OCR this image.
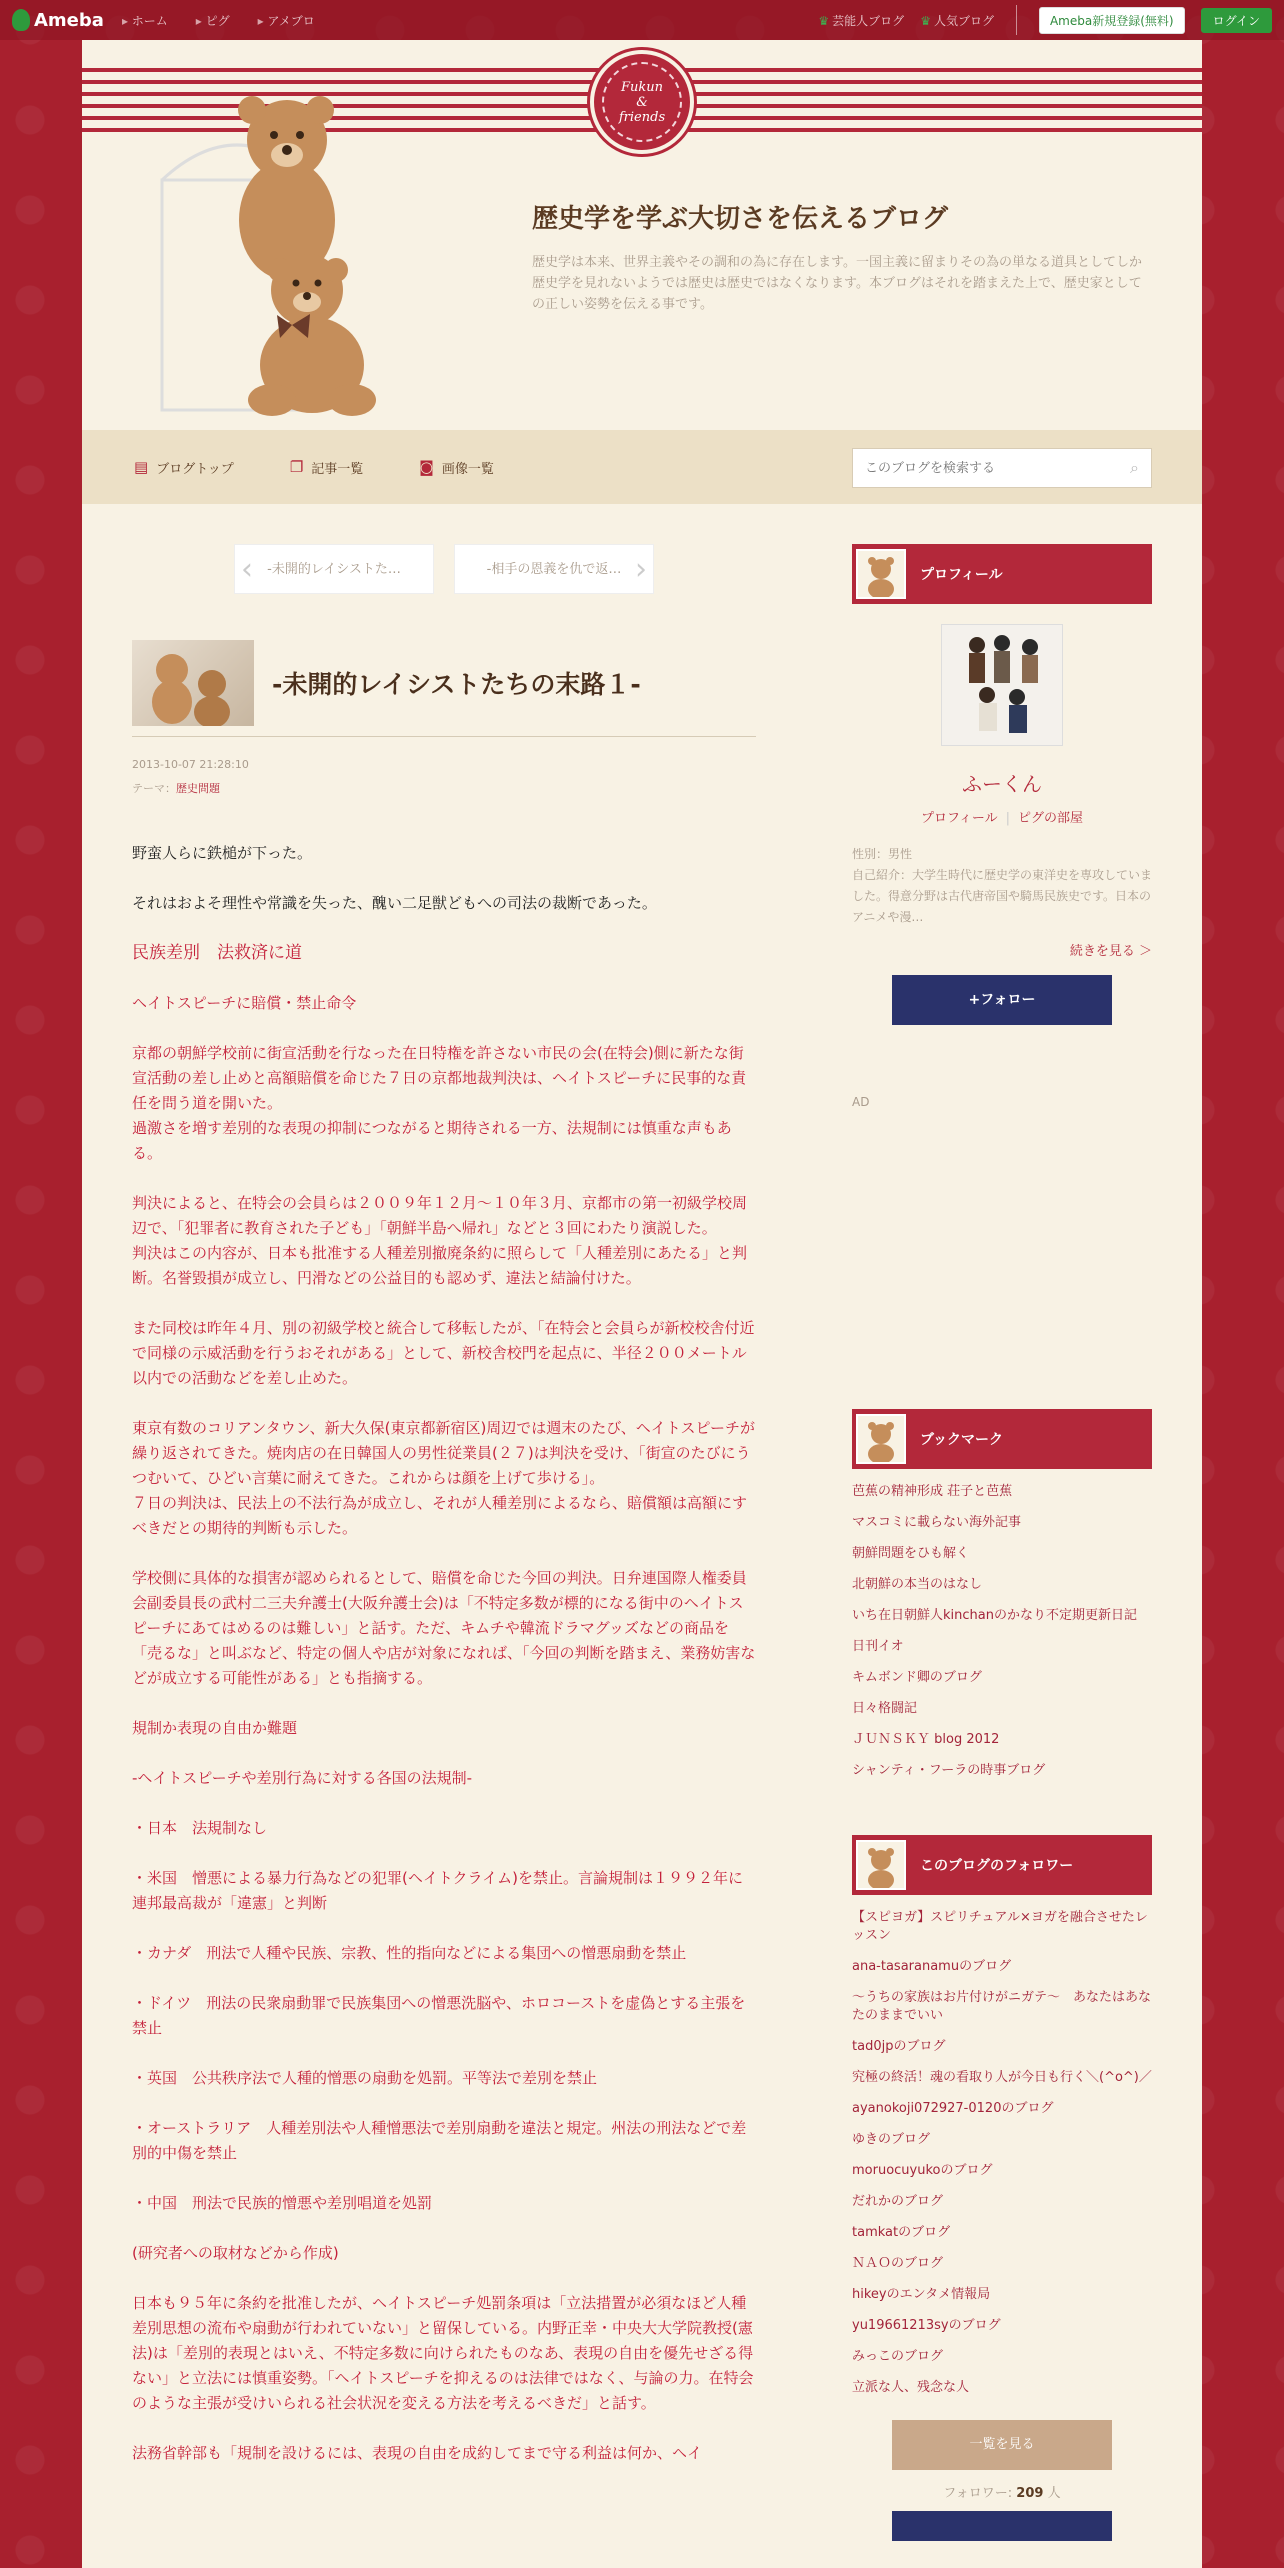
Ameba	▸ ホーム	▸ ピグ	▸ アメブロ	♛ 芸能人ブログ ♛ 人気ブログ	Ameba新規登録(無料)	ログイン
Fukun
&
friends
歴史学を学ぶ大切さを伝えるブログ
歴史学は本来、世界主義やその調和の為に存在します。一国主義に留まりその為の単なる道具としてしか歴史学を見れないようでは歴史は歴史ではなくなります。本ブログはそれを踏まえた上で、歴史家としての正しい姿勢を伝える事です。
▤ ブログトップ	❐ 記事一覧	◙ 画像一覧
このブログを検索する	⌕
‹ -未開的レイシストた…	-相手の恩義を仇で返… ›
-未開的レイシストたちの末路１-
2013-10-07 21:28:10
テーマ：歴史問題

野蛮人らに鉄槌が下った。

それはおよそ理性や常識を失った、醜い二足獣どもへの司法の裁断であった。

民族差別　法救済に道

ヘイトスピーチに賠償・禁止命令

京都の朝鮮学校前に街宣活動を行なった在日特権を許さない市民の会(在特会)側に新たな街宣活動の差し止めと高額賠償を命じた７日の京都地裁判決は、ヘイトスピーチに民事的な責任を問う道を開いた。
過激さを増す差別的な表現の抑制につながると期待される一方、法規制には慎重な声もある。

判決によると、在特会の会員らは２００９年１２月～１０年３月、京都市の第一初級学校周辺で、「犯罪者に教育された子ども」「朝鮮半島へ帰れ」などと３回にわたり演説した。
判決はこの内容が、日本も批准する人種差別撤廃条約に照らして「人種差別にあたる」と判断。名誉毀損が成立し、円滑などの公益目的も認めず、違法と結論付けた。

また同校は昨年４月、別の初級学校と統合して移転したが、「在特会と会員らが新校校舎付近で同様の示威活動を行うおそれがある」として、新校舎校門を起点に、半径２００メートル以内での活動などを差し止めた。

東京有数のコリアンタウン、新大久保(東京都新宿区)周辺では週末のたび、ヘイトスピーチが繰り返されてきた。焼肉店の在日韓国人の男性従業員(２７)は判決を受け、「街宣のたびにうつむいて、ひどい言葉に耐えてきた。これからは顔を上げて歩ける」。
７日の判決は、民法上の不法行為が成立し、それが人種差別によるなら、賠償額は高額にすべきだとの期待的判断も示した。

学校側に具体的な損害が認められるとして、賠償を命じた今回の判決。日弁連国際人権委員会副委員長の武村二三夫弁護士(大阪弁護士会)は「不特定多数が標的になる街中のヘイトスピーチにあてはめるのは難しい」と話す。ただ、キムチや韓流ドラマグッズなどの商品を「売るな」と叫ぶなど、特定の個人や店が対象になれば、「今回の判断を踏まえ、業務妨害などが成立する可能性がある」とも指摘する。

規制か表現の自由か難題

-ヘイトスピーチや差別行為に対する各国の法規制-

・日本　法規制なし

・米国　憎悪による暴力行為などの犯罪(ヘイトクライム)を禁止。言論規制は１９９２年に連邦最高裁が「違憲」と判断

・カナダ　刑法で人種や民族、宗教、性的指向などによる集団への憎悪扇動を禁止

・ドイツ　刑法の民衆扇動罪で民族集団への憎悪洗脳や、ホロコーストを虚偽とする主張を禁止

・英国　公共秩序法で人種的憎悪の扇動を処罰。平等法で差別を禁止

・オーストラリア　人種差別法や人種憎悪法で差別扇動を違法と規定。州法の刑法などで差別的中傷を禁止

・中国　刑法で民族的憎悪や差別唱道を処罰

(研究者への取材などから作成)

日本も９５年に条約を批准したが、ヘイトスピーチ処罰条項は「立法措置が必須なほど人種差別思想の流布や扇動が行われていない」と留保している。内野正幸・中央大大学院教授(憲法)は「差別的表現とはいえ、不特定多数に向けられたものなあ、表現の自由を優先せざる得ない」と立法には慎重姿勢。「ヘイトスピーチを抑えるのは法律ではなく、与論の力。在特会のような主張が受けいられる社会状況を変える方法を考えるべきだ」と話す。

法務省幹部も「規制を設けるには、表現の自由を成約してまで守る利益は何か、ヘイ

プロフィール
ふーくん
プロフィール | ピグの部屋
性別：男性
自己紹介：大学生時代に歴史学の東洋史を専攻していました。得意分野は古代唐帝国や騎馬民族史です。日本のアニメや漫…
続きを見る ＞
+フォロー
AD
ブックマーク
芭蕉の精神形成 荘子と芭蕉
マスコミに載らない海外記事
朝鮮問題をひも解く
北朝鮮の本当のはなし
いち在日朝鮮人kinchanのかなり不定期更新日記
日刊イオ
キムボンド卿のブログ
日々格闘記
ＪＵＮＳＫＹ blog 2012
シャンティ・フーラの時事ブログ
このブログのフォロワー
【スピヨガ】スピリチュアル×ヨガを融合させたレッスン
ana-tasaranamuのブログ
～うちの家族はお片付けがニガテ～　あなたはあなたのままでいい
tad0jpのブログ
究極の終活！魂の看取り人が今日も行く＼(^o^)／
ayanokoji072927-0120のブログ
ゆきのブログ
moruocuyukoのブログ
だれかのブログ
tamkatのブログ
ＮＡＯのブログ
hikeyのエンタメ情報局
yu19661213syのブログ
みっこのブログ
立派な人、残念な人
一覧を見る
フォロワー: 209 人
